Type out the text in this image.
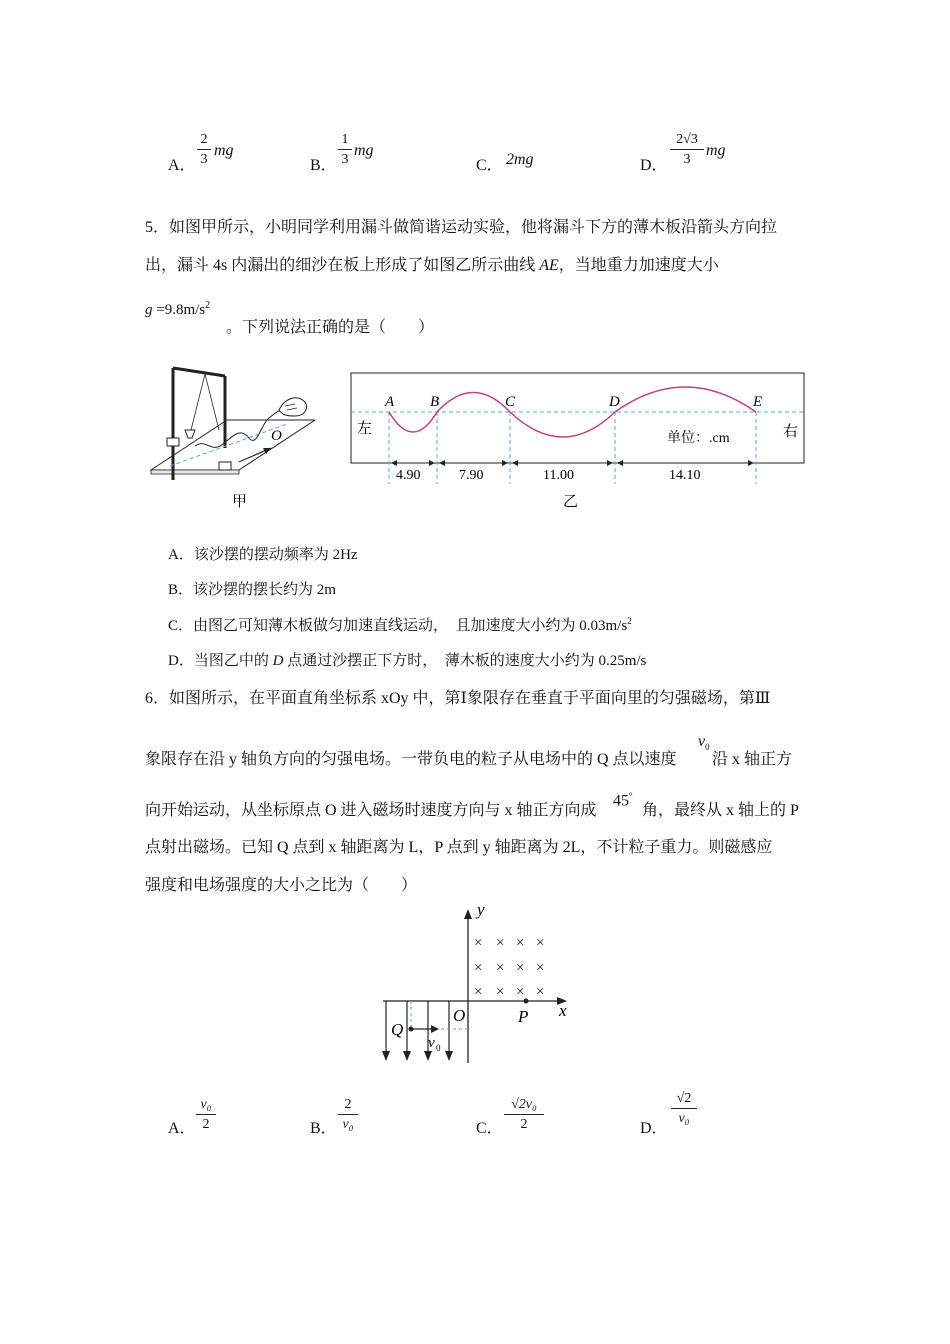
A．
2
3
mg
B．
1
3
mg
C． 2mg	D．
2√3
3
mg
5．如图甲所示，小明同学利用漏斗做简谐运动实验，他将漏斗下方的薄木板沿箭头方向拉
出，漏斗 4s 内漏出的细沙在板上形成了如图乙所示曲线 AE，当地重力加速度大小
$g =9.8m/s^2$
。下列说法正确的是（　　）
O
甲
A B	C	D	E
左	右
单位：.cm
4.90	7.90	11.00	14.10
乙
A．该沙摆的摆动频率为 2Hz
B．该沙摆的摆长约为 2m
C．由图乙可知薄木板做匀加速直线运动，　且加速度大小约为 $0.03m/s^2$
D．当图乙中的 D 点通过沙摆正下方时，　薄木板的速度大小约为 0.25m/s
6．如图所示，在平面直角坐标系 xOy 中，第Ⅰ象限存在垂直于平面向里的匀强磁场，第Ⅲ
象限存在沿 y 轴负方向的匀强电场。一带负电的粒子从电场中的 Q 点以速度
$v_0$
沿 x 轴正方
向开始运动，从坐标原点 O 进入磁场时速度方向与 x 轴正方向成
45°
角，最终从 x 轴上的 P
点射出磁场。已知 Q 点到 x 轴距离为 L，P 点到 y 轴距离为 2L，不计粒子重力。则磁感应
强度和电场强度的大小之比为（　　）
y
x
O	P
× × × ×
× × × ×
× × × ×
Q
v 0
A．
v₀
2	B．
2
v₀	C．
√2v₀
2	D．
√2
v₀
